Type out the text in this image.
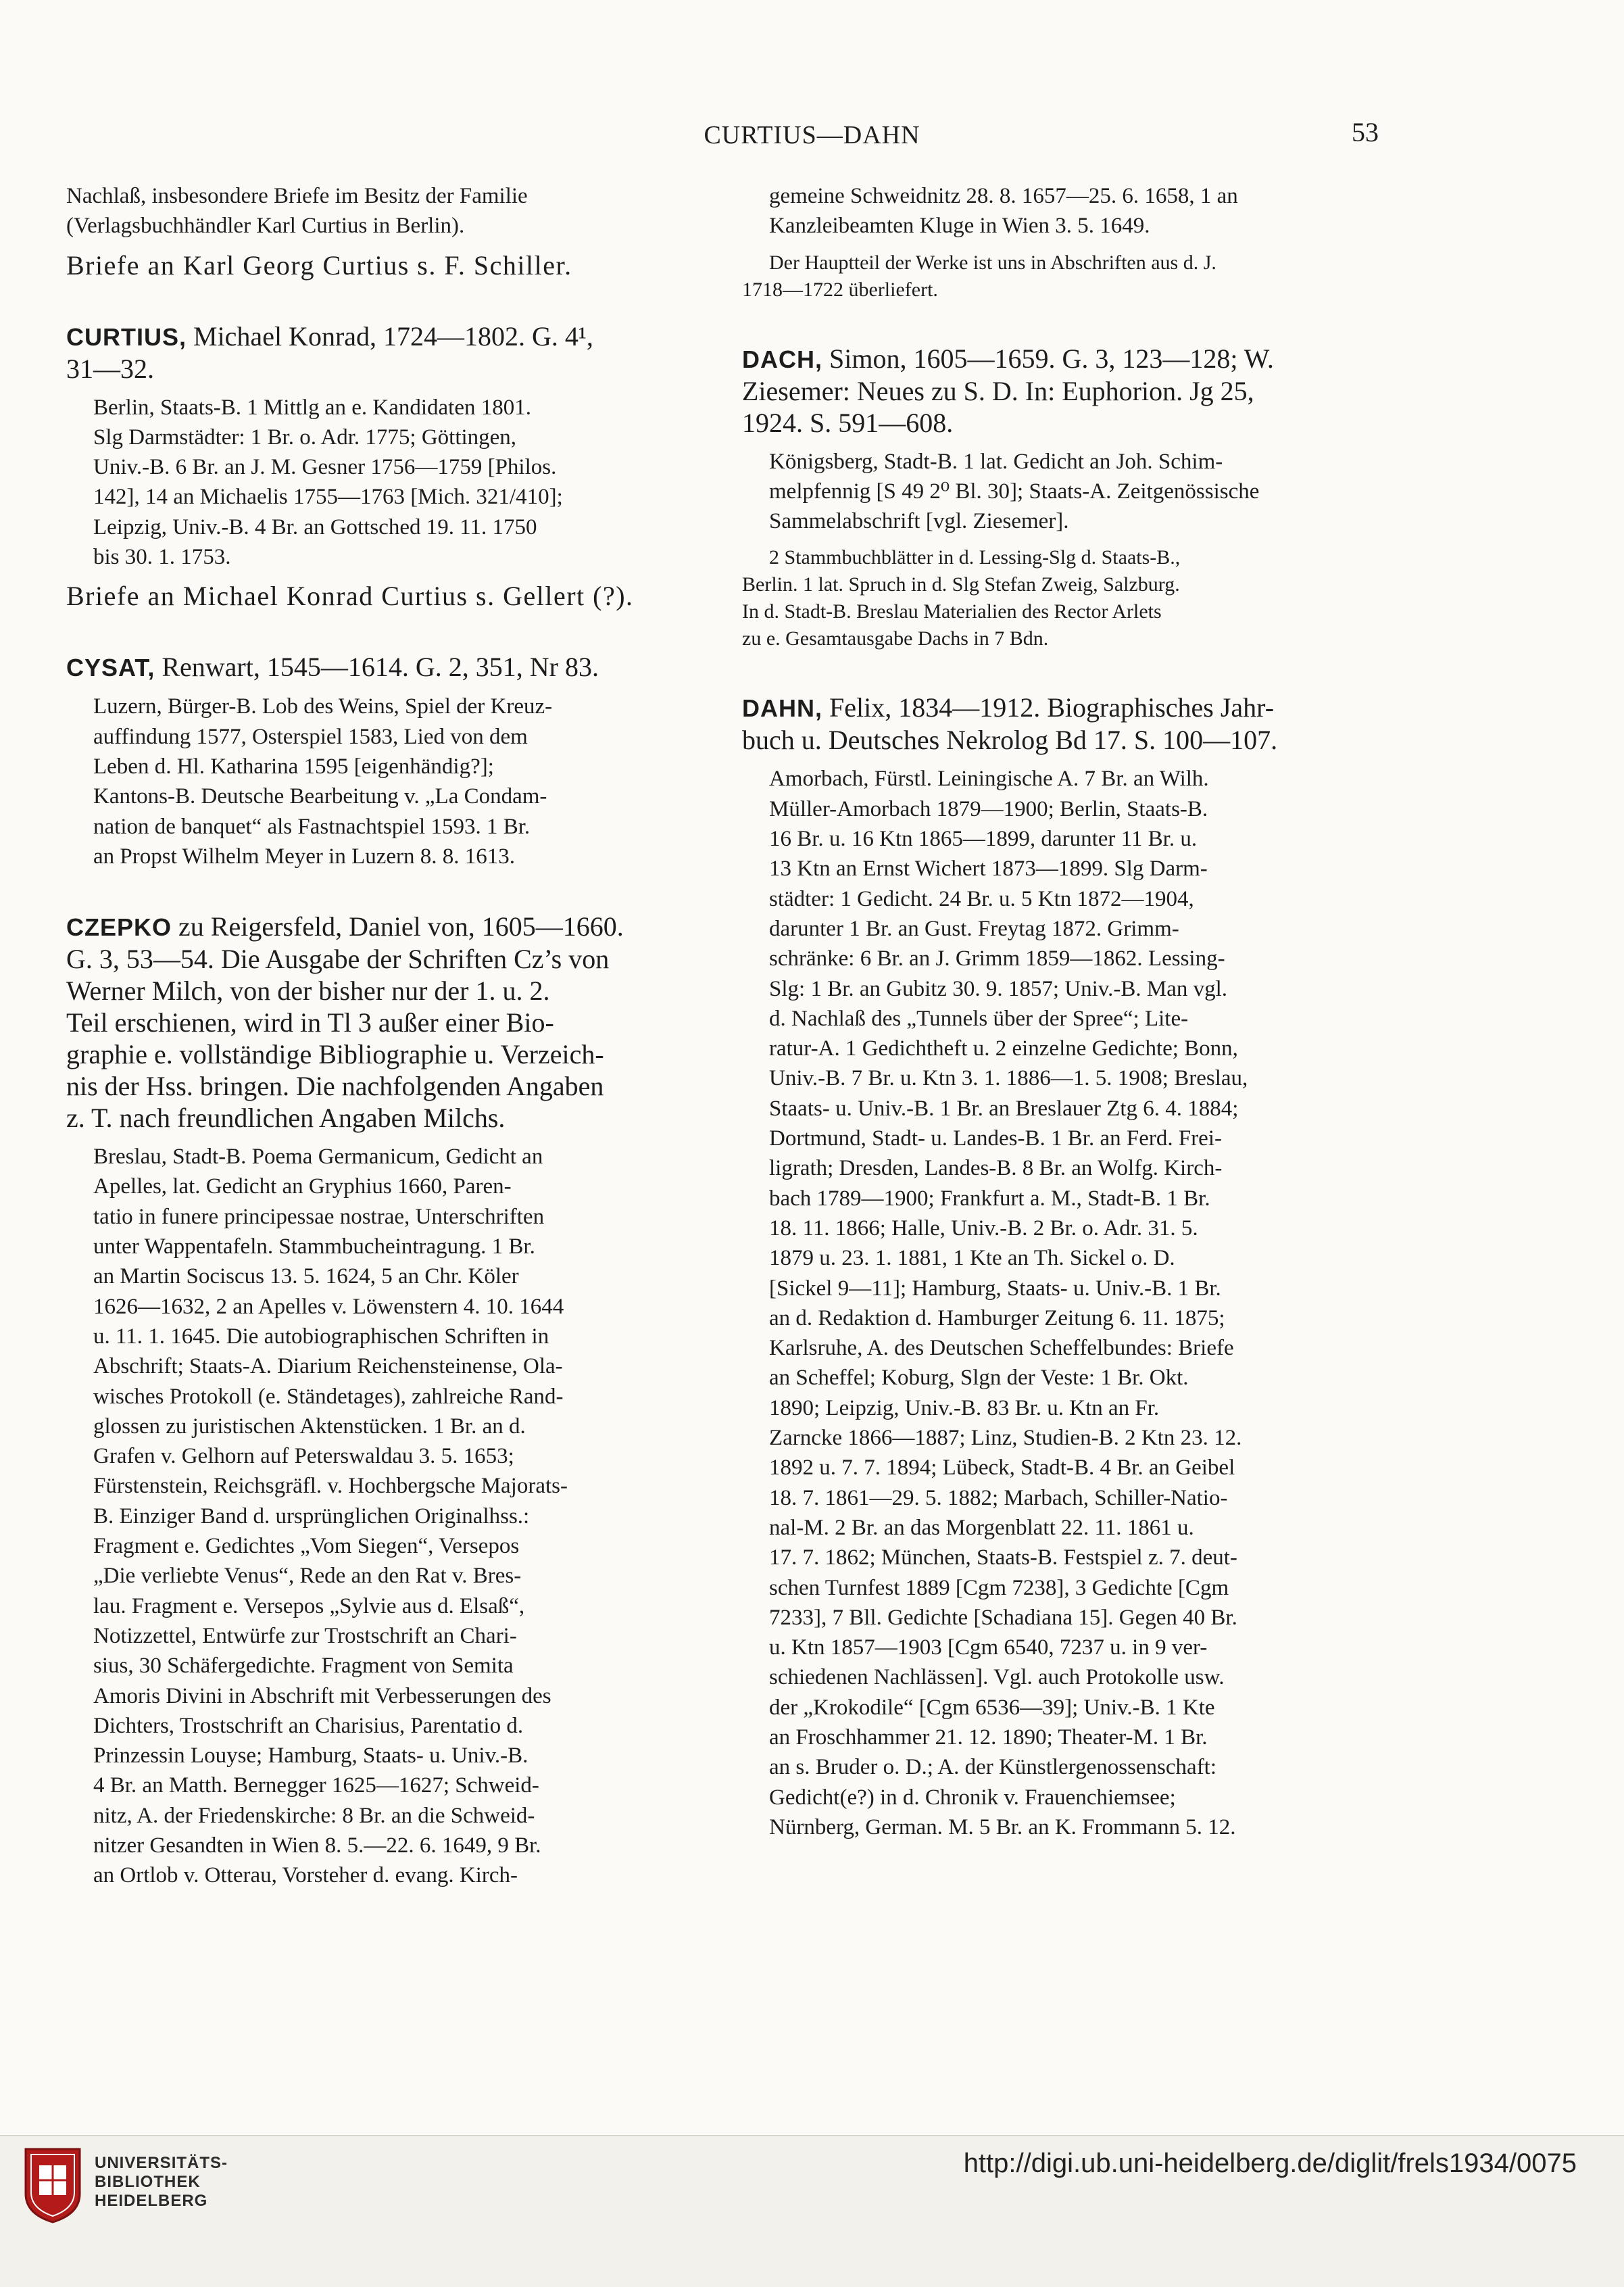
CURTIUS—DAHN	53
Nachlaß, insbesondere Briefe im Besitz der Familie
(Verlagsbuchhändler Karl Curtius in Berlin).
Briefe an Karl Georg Curtius s. F. Schiller.
CURTIUS, Michael Konrad, 1724—1802. G. 4¹,
31—32.
Berlin, Staats-B. 1 Mittlg an e. Kandidaten 1801.
Slg Darmstädter: 1 Br. o. Adr. 1775; Göttingen,
Univ.-B. 6 Br. an J. M. Gesner 1756—1759 [Philos.
142], 14 an Michaelis 1755—1763 [Mich. 321/410];
Leipzig, Univ.-B. 4 Br. an Gottsched 19. 11. 1750
bis 30. 1. 1753.
Briefe an Michael Konrad Curtius s. Gellert (?).
CYSAT, Renwart, 1545—1614. G. 2, 351, Nr 83.
Luzern, Bürger-B. Lob des Weins, Spiel der Kreuz-
auffindung 1577, Osterspiel 1583, Lied von dem
Leben d. Hl. Katharina 1595 [eigenhändig?];
Kantons-B. Deutsche Bearbeitung v. „La Condam-
nation de banquet“ als Fastnachtspiel 1593. 1 Br.
an Propst Wilhelm Meyer in Luzern 8. 8. 1613.
CZEPKO zu Reigersfeld, Daniel von, 1605—1660.
G. 3, 53—54. Die Ausgabe der Schriften Cz’s von
Werner Milch, von der bisher nur der 1. u. 2.
Teil erschienen, wird in Tl 3 außer einer Bio-
graphie e. vollständige Bibliographie u. Verzeich-
nis der Hss. bringen. Die nachfolgenden Angaben
z. T. nach freundlichen Angaben Milchs.
Breslau, Stadt-B. Poema Germanicum, Gedicht an
Apelles, lat. Gedicht an Gryphius 1660, Paren-
tatio in funere principessae nostrae, Unterschriften
unter Wappentafeln. Stammbucheintragung. 1 Br.
an Martin Sociscus 13. 5. 1624, 5 an Chr. Köler
1626—1632, 2 an Apelles v. Löwenstern 4. 10. 1644
u. 11. 1. 1645. Die autobiographischen Schriften in
Abschrift; Staats-A. Diarium Reichensteinense, Ola-
wisches Protokoll (e. Ständetages), zahlreiche Rand-
glossen zu juristischen Aktenstücken. 1 Br. an d.
Grafen v. Gelhorn auf Peterswaldau 3. 5. 1653;
Fürstenstein, Reichsgräfl. v. Hochbergsche Majorats-
B. Einziger Band d. ursprünglichen Originalhss.:
Fragment e. Gedichtes „Vom Siegen“, Versepos
„Die verliebte Venus“, Rede an den Rat v. Bres-
lau. Fragment e. Versepos „Sylvie aus d. Elsaß“,
Notizzettel, Entwürfe zur Trostschrift an Chari-
sius, 30 Schäfergedichte. Fragment von Semita
Amoris Divini in Abschrift mit Verbesserungen des
Dichters, Trostschrift an Charisius, Parentatio d.
Prinzessin Louyse; Hamburg, Staats- u. Univ.-B.
4 Br. an Matth. Bernegger 1625—1627; Schweid-
nitz, A. der Friedenskirche: 8 Br. an die Schweid-
nitzer Gesandten in Wien 8. 5.—22. 6. 1649, 9 Br.
an Ortlob v. Otterau, Vorsteher d. evang. Kirch-
gemeine Schweidnitz 28. 8. 1657—25. 6. 1658, 1 an
Kanzleibeamten Kluge in Wien 3. 5. 1649.
Der Hauptteil der Werke ist uns in Abschriften aus d. J.
1718—1722 überliefert.
DACH, Simon, 1605—1659. G. 3, 123—128; W.
Ziesemer: Neues zu S. D. In: Euphorion. Jg 25,
1924. S. 591—608.
Königsberg, Stadt-B. 1 lat. Gedicht an Joh. Schim-
melpfennig [S 49 2⁰ Bl. 30]; Staats-A. Zeitgenössische
Sammelabschrift [vgl. Ziesemer].
2 Stammbuchblätter in d. Lessing-Slg d. Staats-B.,
Berlin. 1 lat. Spruch in d. Slg Stefan Zweig, Salzburg.
In d. Stadt-B. Breslau Materialien des Rector Arlets
zu e. Gesamtausgabe Dachs in 7 Bdn.
DAHN, Felix, 1834—1912. Biographisches Jahr-
buch u. Deutsches Nekrolog Bd 17. S. 100—107.
Amorbach, Fürstl. Leiningische A. 7 Br. an Wilh.
Müller-Amorbach 1879—1900; Berlin, Staats-B.
16 Br. u. 16 Ktn 1865—1899, darunter 11 Br. u.
13 Ktn an Ernst Wichert 1873—1899. Slg Darm-
städter: 1 Gedicht. 24 Br. u. 5 Ktn 1872—1904,
darunter 1 Br. an Gust. Freytag 1872. Grimm-
schränke: 6 Br. an J. Grimm 1859—1862. Lessing-
Slg: 1 Br. an Gubitz 30. 9. 1857; Univ.-B. Man vgl.
d. Nachlaß des „Tunnels über der Spree“; Lite-
ratur-A. 1 Gedichtheft u. 2 einzelne Gedichte; Bonn,
Univ.-B. 7 Br. u. Ktn 3. 1. 1886—1. 5. 1908; Breslau,
Staats- u. Univ.-B. 1 Br. an Breslauer Ztg 6. 4. 1884;
Dortmund, Stadt- u. Landes-B. 1 Br. an Ferd. Frei-
ligrath; Dresden, Landes-B. 8 Br. an Wolfg. Kirch-
bach 1789—1900; Frankfurt a. M., Stadt-B. 1 Br.
18. 11. 1866; Halle, Univ.-B. 2 Br. o. Adr. 31. 5.
1879 u. 23. 1. 1881, 1 Kte an Th. Sickel o. D.
[Sickel 9—11]; Hamburg, Staats- u. Univ.-B. 1 Br.
an d. Redaktion d. Hamburger Zeitung 6. 11. 1875;
Karlsruhe, A. des Deutschen Scheffelbundes: Briefe
an Scheffel; Koburg, Slgn der Veste: 1 Br. Okt.
1890; Leipzig, Univ.-B. 83 Br. u. Ktn an Fr.
Zarncke 1866—1887; Linz, Studien-B. 2 Ktn 23. 12.
1892 u. 7. 7. 1894; Lübeck, Stadt-B. 4 Br. an Geibel
18. 7. 1861—29. 5. 1882; Marbach, Schiller-Natio-
nal-M. 2 Br. an das Morgenblatt 22. 11. 1861 u.
17. 7. 1862; München, Staats-B. Festspiel z. 7. deut-
schen Turnfest 1889 [Cgm 7238], 3 Gedichte [Cgm
7233], 7 Bll. Gedichte [Schadiana 15]. Gegen 40 Br.
u. Ktn 1857—1903 [Cgm 6540, 7237 u. in 9 ver-
schiedenen Nachlässen]. Vgl. auch Protokolle usw.
der „Krokodile“ [Cgm 6536—39]; Univ.-B. 1 Kte
an Froschhammer 21. 12. 1890; Theater-M. 1 Br.
an s. Bruder o. D.; A. der Künstlergenossenschaft:
Gedicht(e?) in d. Chronik v. Frauenchiemsee;
Nürnberg, German. M. 5 Br. an K. Frommann 5. 12.
UNIVERSITÄTS-
BIBLIOTHEK
HEIDELBERG
http://digi.ub.uni-heidelberg.de/diglit/frels1934/0075
